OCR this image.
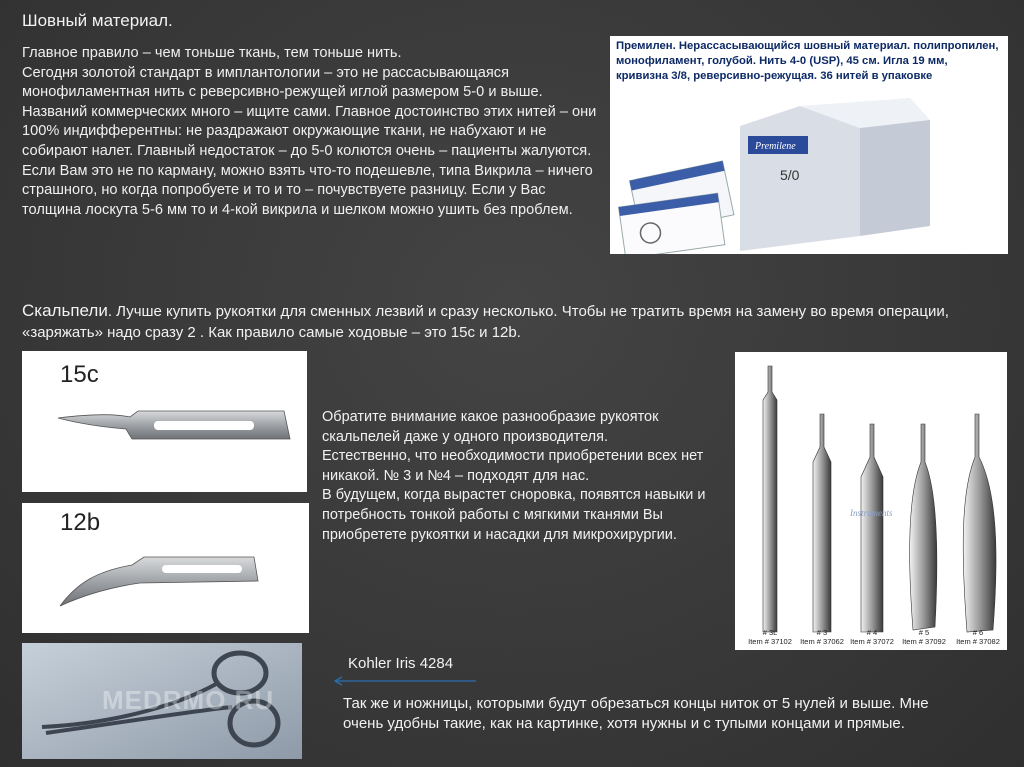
Шовный материал.
Главное правило – чем тоньше ткань, тем тоньше нить.
Сегодня золотой стандарт в имплантологии – это не рассасывающаяся монофиламентная нить с реверсивно-режущей иглой размером 5-0 и выше.
Названий коммерческих много – ищите сами. Главное достоинство этих нитей – они 100% индифферентны: не раздражают окружающие ткани, не набухают и не собирают налет. Главный недостаток – до 5-0 колются очень – пациенты жалуются.
Если Вам это не по карману, можно взять что-то подешевле, типа Викрила – ничего страшного, но когда попробуете и то и то – почувствуете разницу. Если у Вас толщина лоскута 5-6 мм то и 4-кой викрила и шелком можно ушить без проблем.
Премилен. Нерассасывающийся шовный материал. полипропилен, монофиламент, голубой. Нить 4-0 (USP), 45 см. Игла 19 мм, кривизна 3/8, реверсивно-режущая. 36 нитей в упаковке
Premilene
5/0
Скальпели. Лучше купить рукоятки для сменных лезвий и сразу несколько. Чтобы не тратить время на замену во время операции, «заряжать» надо сразу 2 . Как правило самые ходовые – это 15с и 12b.
15c
12b
MEDRMO.RU
Instruments
# 3L
Item # 37102
# 3
Item # 37062
# 4
Item # 37072
# 5
Item # 37092
# 6
Item # 37082
Обратите внимание какое разнообразие рукояток скальпелей даже у одного производителя.
Естественно, что необходимости приобретении всех нет никакой. № 3 и №4 – подходят для нас.
В будущем, когда вырастет сноровка, появятся навыки и потребность тонкой работы с мягкими тканями Вы приобретете рукоятки и насадки для микрохирургии.
Kohler Iris 4284
Так же и ножницы, которыми будут обрезаться концы ниток от 5 нулей и выше. Мне очень удобны такие, как на картинке, хотя нужны и с тупыми концами и прямые.
